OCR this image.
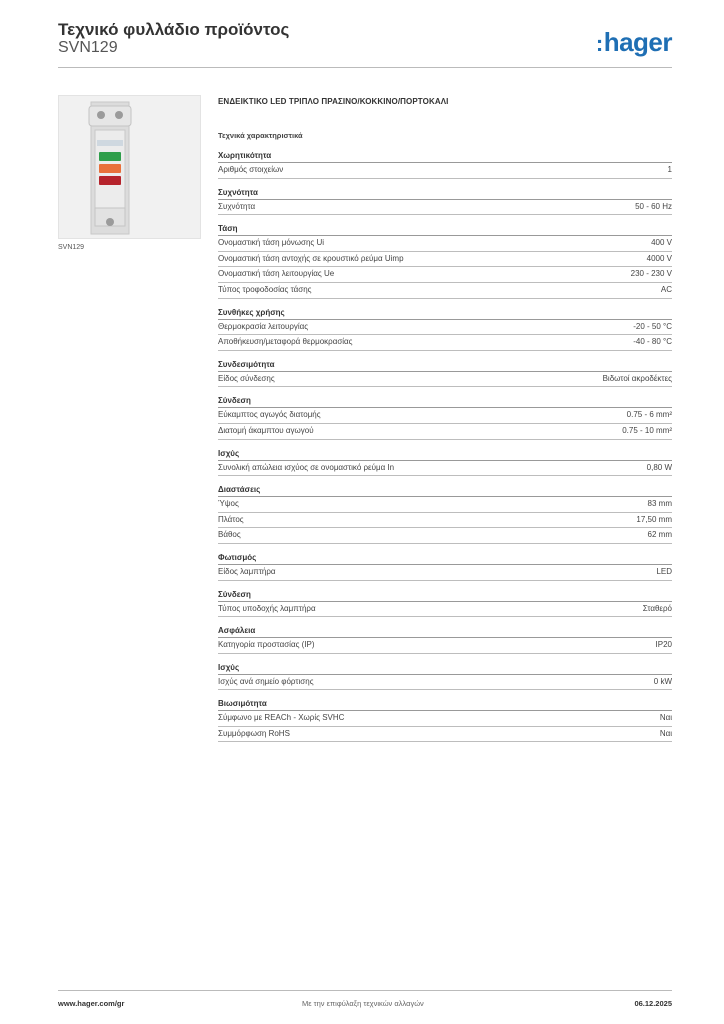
Τεχνικό φυλλάδιο προϊόντος
SVN129	:hager
SVN129
ΕΝΔΕΙΚΤΙΚΟ LED ΤΡΙΠΛΟ ΠΡΑΣΙΝΟ/ΚΟΚΚΙΝΟ/ΠΟΡΤΟΚΑΛΙ
Τεχνικά χαρακτηριστικά
Χωρητικότητα
Αριθμός στοιχείων	1
Συχνότητα
Συχνότητα	50 - 60 Hz
Τάση
Ονομαστική τάση μόνωσης Ui	400 V
Ονομαστική τάση αντοχής σε κρουστικό ρεύμα Uimp	4000 V
Ονομαστική τάση λειτουργίας Ue	230 - 230 V
Τύπος τροφοδοσίας τάσης	AC
Συνθήκες χρήσης
Θερμοκρασία λειτουργίας	-20 - 50 °C
Αποθήκευση/μεταφορά θερμοκρασίας	-40 - 80 °C
Συνδεσιμότητα
Είδος σύνδεσης	Βιδωτοί ακροδέκτες
Σύνδεση
Εύκαμπτος αγωγός διατομής	0.75 - 6 mm²
Διατομή άκαμπτου αγωγού	0.75 - 10 mm²
Ισχύς
Συνολική απώλεια ισχύος σε ονομαστικό ρεύμα In	0,80 W
Διαστάσεις
Ύψος	83 mm
Πλάτος	17,50 mm
Βάθος	62 mm
Φωτισμός
Είδος λαμπτήρα	LED
Σύνδεση
Τύπος υποδοχής λαμπτήρα	Σταθερό
Ασφάλεια
Κατηγορία προστασίας (IP)	IP20
Ισχύς
Ισχύς ανά σημείο φόρτισης	0 kW
Βιωσιμότητα
Σύμφωνο με REACh - Χωρίς SVHC	Ναι
Συμμόρφωση RoHS	Ναι
www.hager.com/gr	Με την επιφύλαξη τεχνικών αλλαγών	06.12.2025
